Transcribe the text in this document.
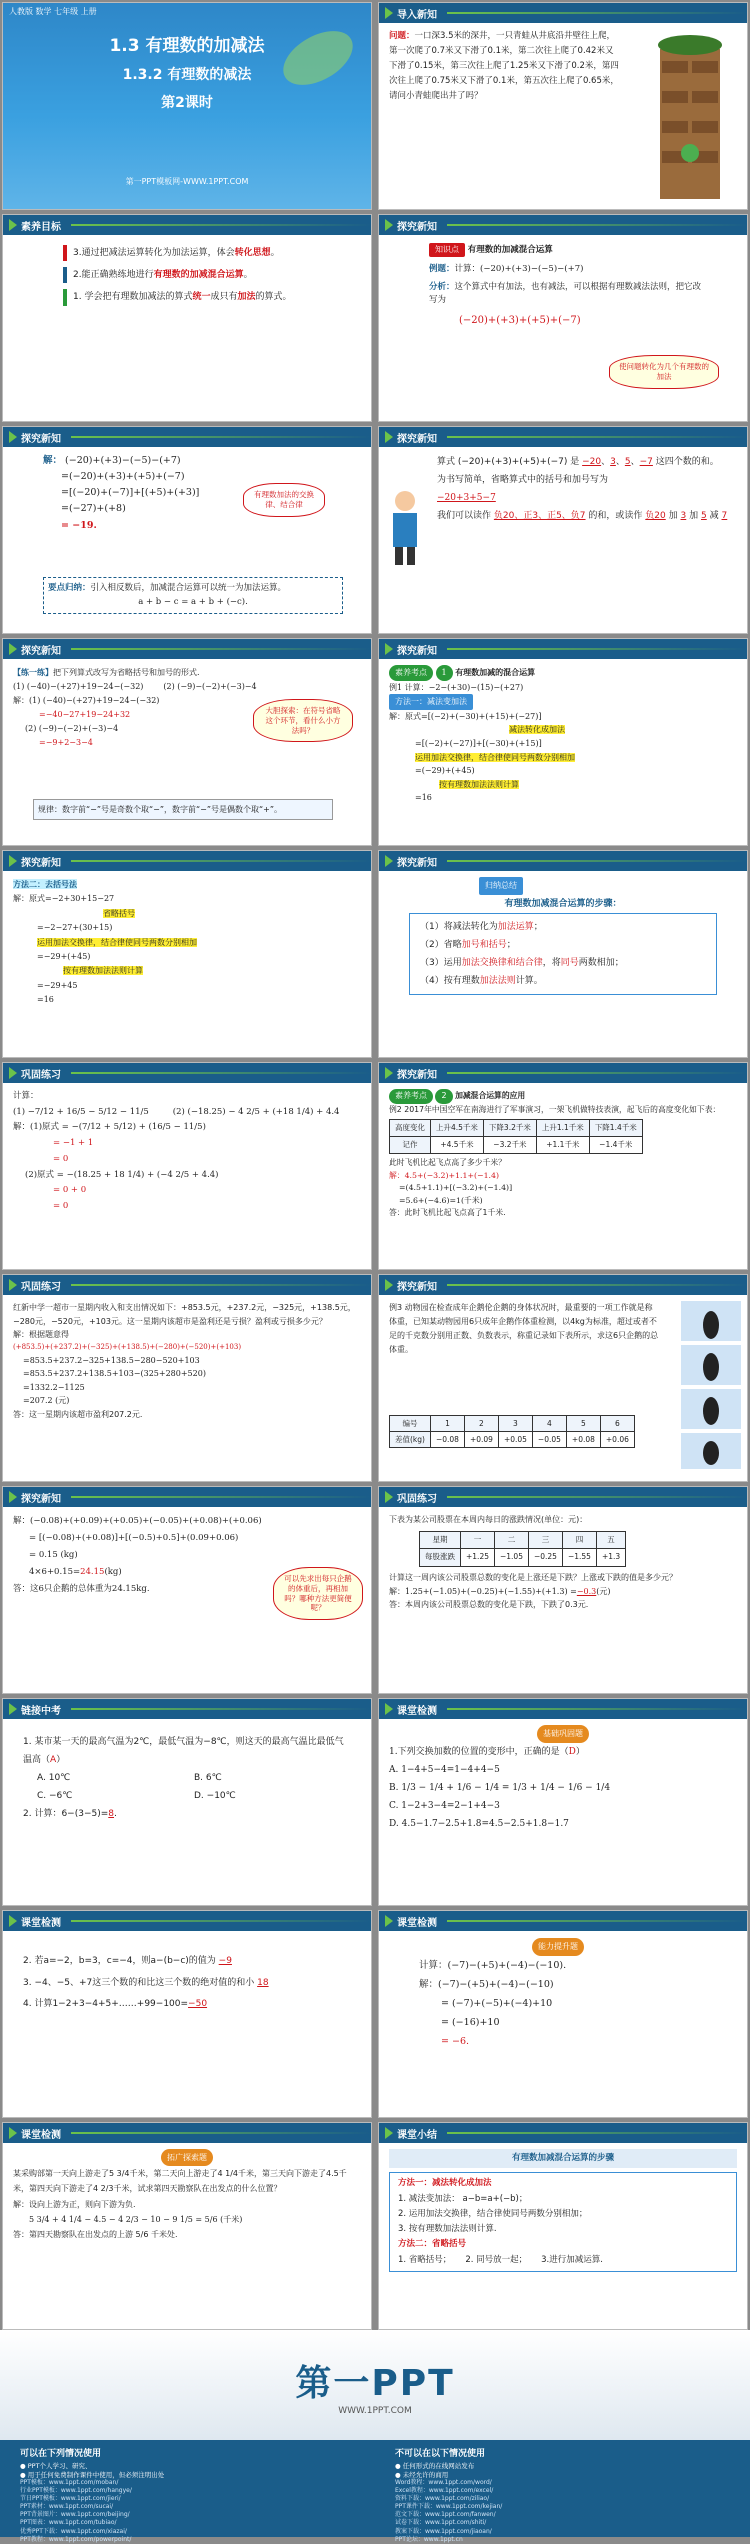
人教版 数学 七年级 上册
1.3 有理数的加减法
1.3.2 有理数的减法
第2课时
第一PPT模板网-WWW.1PPT.COM
导入新知
问题：一口深3.5米的深井，一只青蛙从井底沿井壁往上爬，第一次爬了0.7米又下滑了0.1米，第二次往上爬了0.42米又下滑了0.15米，第三次往上爬了1.25米又下滑了0.2米，第四次往上爬了0.75米又下滑了0.1米，第五次往上爬了0.65米，请问小青蛙爬出井了吗？
素养目标
3.通过把减法运算转化为加法运算，体会转化思想。
2.能正确熟练地进行有理数的加减混合运算。
1. 学会把有理数加减法的算式统一成只有加法的算式。
探究新知
知识点 有理数的加减混合运算
例题：计算：(−20)+(+3)−(−5)−(+7)
分析：这个算式中有加法，也有减法，可以根据有理数减法法则，把它改写为
(−20)+(+3)+(+5)+(−7)
使问题转化为几个有理数的加法
探究新知
解： (−20)+(+3)−(−5)−(+7)
=(−20)+(+3)+(+5)+(−7)
=[(−20)+(−7)]+[(+5)+(+3)]
=(−27)+(+8)
= −19.
有理数加法的交换律、结合律
要点归纳：引入相反数后，加减混合运算可以统一为加法运算。
a + b − c = a + b + (−c).
探究新知
算式 (−20)+(+3)+(+5)+(−7) 是 −20、3、5、−7 这四个数的和。
为书写简单，省略算式中的括号和加号写为
−20+3+5−7
我们可以读作 负20、正3、正5、负7 的和，或读作 负20 加 3 加 5 减 7
探究新知
【练一练】把下列算式改写为省略括号和加号的形式.
(1) (−40)−(+27)+19−24−(−32)	(2) (−9)−(−2)+(−3)−4
解：(1) (−40)−(+27)+19−24−(−32)
=−40−27+19−24+32
(2) (−9)−(−2)+(−3)−4
=−9+2−3−4
大胆探索：在符号省略这个环节，看什么小方法吗？
规律：数字前“−”号是奇数个取“−”，数字前“−”号是偶数个取“+”。
探究新知
素养考点 1 有理数加减的混合运算
例1 计算：−2−(+30)−(15)−(+27)
方法一：减法变加法
解：原式=[(−2)+(−30)+(+15)+(−27)]
减法转化成加法
=[(−2)+(−27)]+[(−30)+(+15)]
运用加法交换律，结合律使同号两数分别相加
=(−29)+(+45)
按有理数加法法则计算
=16
探究新知
方法二：去括号法
解：原式=−2+30+15−27
省略括号
=−2−27+(30+15)
运用加法交换律，结合律使同号两数分别相加
=−29+(+45)
按有理数加法法则计算
=−29+45
=16
探究新知
归纳总结
有理数加减混合运算的步骤：
（1）将减法转化为加法运算；
（2）省略加号和括号；
（3）运用加法交换律和结合律，将同号两数相加；
（4）按有理数加法法则计算。
巩固练习
计算：
(1) −7/12 + 16/5 − 5/12 − 11/5	(2) (−18.25) − 4 2/5 + (+18 1/4) + 4.4
解：(1)原式 = −(7/12 + 5/12) + (16/5 − 11/5)
= −1 + 1
= 0
(2)原式 = −(18.25 + 18 1/4) + (−4 2/5 + 4.4)
= 0 + 0
= 0
探究新知
素养考点 2 加减混合运算的应用
例2 2017年中国空军在南海进行了军事演习，一架飞机做特技表演，起飞后的高度变化如下表：
高度变化	上升4.5千米	下降3.2千米	上升1.1千米	下降1.4千米
记作	+4.5千米	−3.2千米	+1.1千米	−1.4千米
此时飞机比起飞点高了多少千米？
解：4.5+(−3.2)+1.1+(−1.4)
=(4.5+1.1)+[(−3.2)+(−1.4)]
=5.6+(−4.6)=1(千米)
答：此时飞机比起飞点高了1千米.
巩固练习
红新中学一超市一星期内收入和支出情况如下：+853.5元，+237.2元，−325元，+138.5元，−280元，−520元，+103元。这一星期内该超市是盈利还是亏损？盈利或亏损多少元？
解：根据题意得
(+853.5)+(+237.2)+(−325)+(+138.5)+(−280)+(−520)+(+103)
=853.5+237.2−325+138.5−280−520+103
=853.5+237.2+138.5+103−(325+280+520)
=1332.2−1125
=207.2 (元)
答：这一星期内该超市盈利207.2元.
探究新知
例3 动物园在检查成年企鹅伦企鹅的身体状况时，最重要的一项工作就是称体重，已知某动物园用6只成年企鹅作体重检测，以4kg为标准，超过或者不足的千克数分别用正数、负数表示，称重记录如下表所示，求这6只企鹅的总体重。
编号	1	2	3	4	5	6
差值(kg)	−0.08	+0.09	+0.05	−0.05	+0.08	+0.06
探究新知
解：(−0.08)+(+0.09)+(+0.05)+(−0.05)+(+0.08)+(+0.06)
= [(−0.08)+(+0.08)]+[(−0.5)+0.5]+(0.09+0.06)
= 0.15 (kg)
4×6+0.15=24.15(kg)
答：这6只企鹅的总体重为24.15kg.
可以先求出每只企鹅的体重后，再相加吗？哪种方法更简便呢？
巩固练习
下表为某公司股票在本周内每日的涨跌情况(单位：元)：
星期	一	二	三	四	五
每股涨跌	+1.25	−1.05	−0.25	−1.55	+1.3
计算这一周内该公司股票总数的变化是上涨还是下跌？上涨或下跌的值是多少元？
解：1.25+(−1.05)+(−0.25)+(−1.55)+(+1.3) =−0.3(元)
答：本周内该公司股票总数的变化是下跌，下跌了0.3元.
链接中考
1. 某市某一天的最高气温为2℃，最低气温为−8℃，则这天的最高气温比最低气温高（A）
A. 10℃	B. 6℃
C. −6℃	D. −10℃
2. 计算：6−(3−5)=8.
课堂检测
基础巩固题
1.下列交换加数的位置的变形中，正确的是（D）
A. 1−4+5−4=1−4+4−5
B. 1/3 − 1/4 + 1/6 − 1/4 = 1/3 + 1/4 − 1/6 − 1/4
C. 1−2+3−4=2−1+4−3
D. 4.5−1.7−2.5+1.8=4.5−2.5+1.8−1.7
课堂检测
2. 若a=−2，b=3，c=−4，则a−(b−c)的值为 −9
3. −4、−5、+7这三个数的和比这三个数的绝对值的和小 18
4. 计算1−2+3−4+5+……+99−100=−50
课堂检测
能力提升题
计算：(−7)−(+5)+(−4)−(−10).
解：(−7)−(+5)+(−4)−(−10)
= (−7)+(−5)+(−4)+10
= (−16)+10
= −6.
课堂检测
拓广探索题
某采购部第一天向上游走了5 3/4千米，第二天向上游走了4 1/4千米，第三天向下游走了4.5千米，第四天向下游走了4 2/3千米，试求第四天勘察队在出发点的什么位置？
解：设向上游为正，则向下游为负.
5 3/4 + 4 1/4 − 4.5 − 4 2/3 − 10 − 9 1/5 = 5/6 (千米)
答：第四天勘察队在出发点的上游 5/6 千米处.
课堂小结
有理数加减混合运算的步骤
方法一：减法转化成加法
1. 减法变加法： a−b=a+(−b)；
2. 运用加法交换律，结合律使同号两数分别相加；
3. 按有理数加法法则计算.
方法二：省略括号
1. 省略括号； 2. 同号放一起； 3.进行加减运算.
第一PPT
WWW.1PPT.COM
可以在下列情况使用
● PPT个人学习、研究、
● 用于任何免费制作课件中使用，但必须注明出处
PPT模板：www.1ppt.com/moban/
行业PPT模板：www.1ppt.com/hangye/
节日PPT模板：www.1ppt.com/jieri/
PPT素材：www.1ppt.com/sucai/
PPT背景图片：www.1ppt.com/beijing/
PPT图表：www.1ppt.com/tubiao/
优秀PPT下载：www.1ppt.com/xiazai/
PPT教程：www.1ppt.com/powerpoint/
不可以在以下情况使用
● 任何形式的在线网站发布
● 未经允许的商用
Word教程：www.1ppt.com/word/
Excel教程：www.1ppt.com/excel/
资料下载：www.1ppt.com/ziliao/
PPT课件下载：www.1ppt.com/kejian/
范文下载：www.1ppt.com/fanwen/
试卷下载：www.1ppt.com/shiti/
教案下载：www.1ppt.com/jiaoan/
PPT论坛：www.1ppt.cn
